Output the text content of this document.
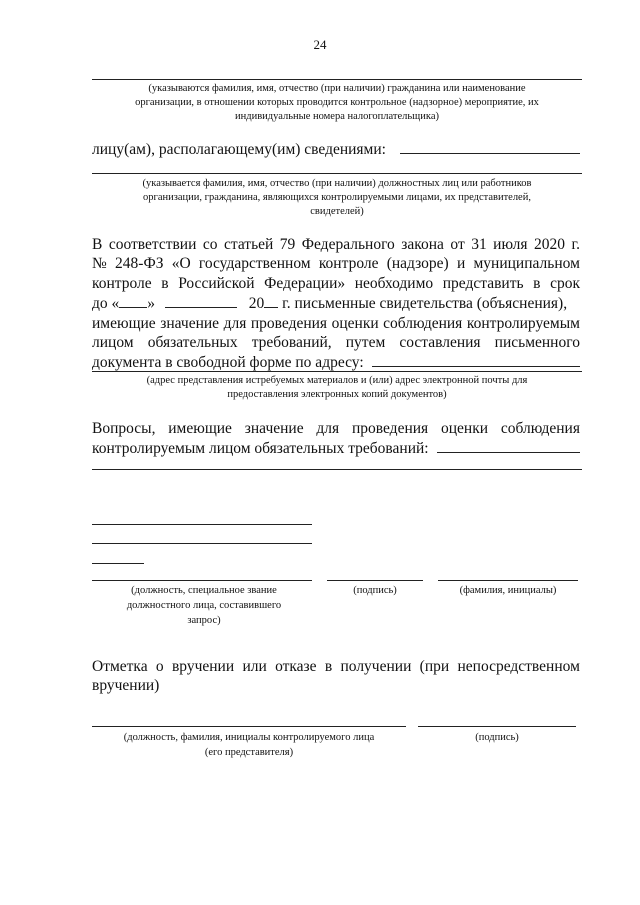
24
(указываются фамилия, имя, отчество (при наличии) гражданина или наименование
организации, в отношении которых проводится контрольное (надзорное) мероприятие, их
индивидуальные номера налогоплательщика)
лицу(ам), располагающему(им) сведениями:
(указывается фамилия, имя, отчество (при наличии) должностных лиц или работников
организации, гражданина, являющихся контролируемыми лицами, их представителей,
свидетелей)
В соответствии со статьей 79 Федерального закона от 31 июля 2020 г.
№ 248-ФЗ «О государственном контроле (надзоре) и муниципальном
контроле в Российской Федерации» необходимо представить в срок
до « »	20 г. письменные свидетельства (объяснения),
имеющие значение для проведения оценки соблюдения контролируемым
лицом обязательных требований, путем составления письменного
документа в свободной форме по адресу:
(адрес представления истребуемых материалов и (или) адрес электронной почты для
предоставления электронных копий документов)
Вопросы, имеющие значение для проведения оценки соблюдения
контролируемым лицом обязательных требований:
(должность, специальное звание
должностного лица, составившего
запрос)
(подпись)	(фамилия, инициалы)
Отметка о вручении или отказе в получении (при непосредственном
вручении)
(должность, фамилия, инициалы контролируемого лица
(его представителя)
(подпись)
